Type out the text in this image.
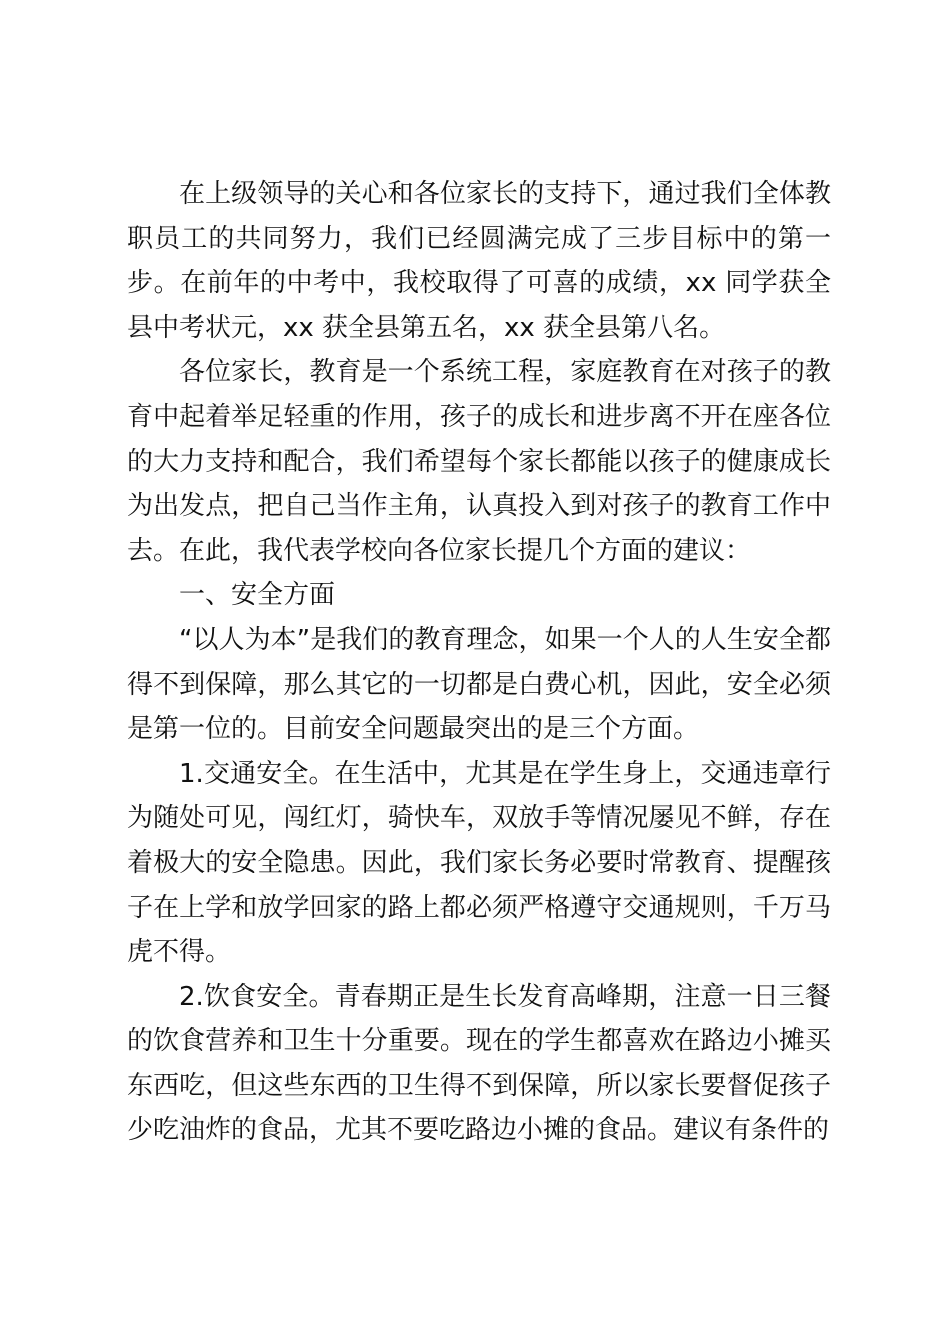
在上级领导的关心和各位家长的支持下，通过我们全体教职员工的共同努力，我们已经圆满完成了三步目标中的第一步。在前年的中考中，我校取得了可喜的成绩，xx 同学获全县中考状元，xx 获全县第五名，xx 获全县第八名。

各位家长，教育是一个系统工程，家庭教育在对孩子的教育中起着举足轻重的作用，孩子的成长和进步离不开在座各位的大力支持和配合，我们希望每个家长都能以孩子的健康成长为出发点，把自己当作主角，认真投入到对孩子的教育工作中去。在此，我代表学校向各位家长提几个方面的建议：

一、安全方面

“以人为本”是我们的教育理念，如果一个人的人生安全都得不到保障，那么其它的一切都是白费心机，因此，安全必须是第一位的。目前安全问题最突出的是三个方面。

1.交通安全。在生活中，尤其是在学生身上，交通违章行为随处可见，闯红灯，骑快车，双放手等情况屡见不鲜，存在着极大的安全隐患。因此，我们家长务必要时常教育、提醒孩子在上学和放学回家的路上都必须严格遵守交通规则，千万马虎不得。

2.饮食安全。青春期正是生长发育高峰期，注意一日三餐的饮食营养和卫生十分重要。现在的学生都喜欢在路边小摊买东西吃，但这些东西的卫生得不到保障，所以家长要督促孩子少吃油炸的食品，尤其不要吃路边小摊的食品。建议有条件的
